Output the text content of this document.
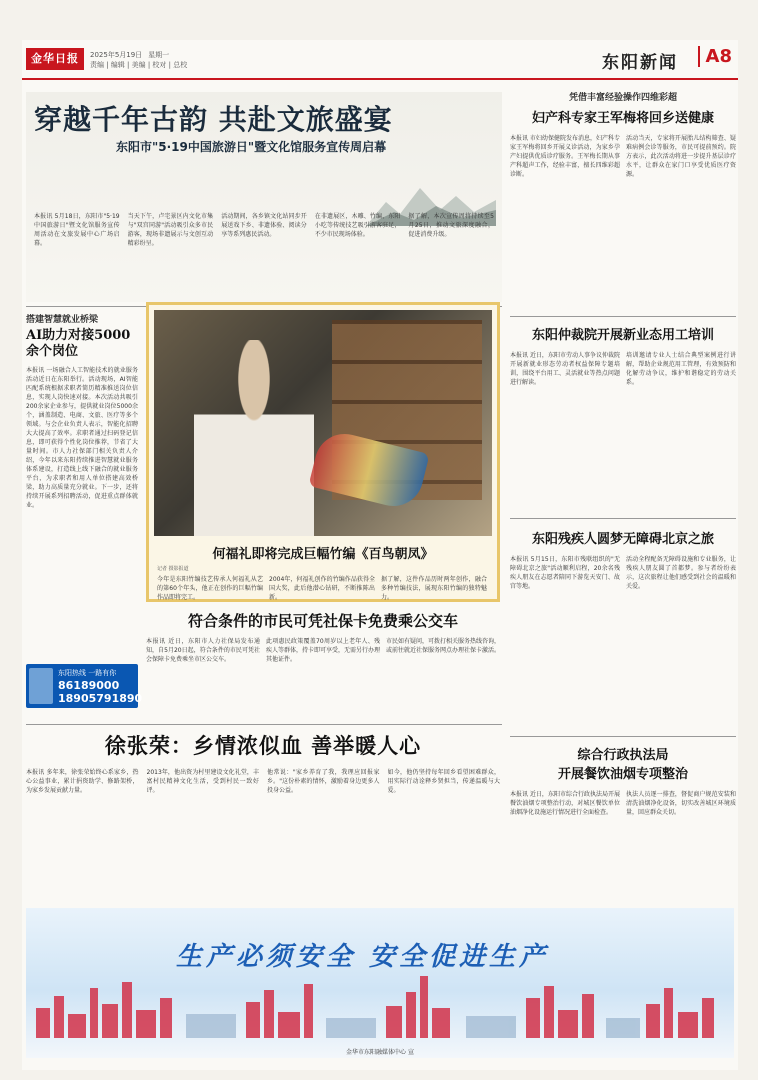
金华日报	2025年5月19日 星期一
责编 | 编辑 | 美编 | 校对 | 总校	东阳新闻	A8
穿越千年古韵 共赴文旅盛宴
东阳市"5·19中国旅游日"暨文化馆服务宣传周启幕
本报讯 5月18日，东阳市"5·19中国旅游日"暨文化馆服务宣传周活动在文旅发展中心广场启幕。
当天下午，卢宅景区内文化市集与"双宫同游"活动吸引众多市民游客，现场非遗展示与文创互动精彩纷呈。
活动期间，各乡镇文化站同步开展送戏下乡、非遗体验、阅读分享等系列惠民活动。
在非遗展区，木雕、竹编、东阳小吃等传统技艺吸引游客驻足，不少市民现场体验。
据了解，本次宣传周将持续至5月25日，推动文旅深度融合，促进消费升级。
凭借丰富经验操作四维彩超
妇产科专家王军梅将回乡送健康
本报讯 市妇幼保健院发布消息，妇产科专家王军梅将回乡开展义诊活动，为家乡孕产妇提供优质诊疗服务。王军梅长期从事产科超声工作，经验丰富，擅长四维彩超诊断。
活动当天，专家将开展胎儿结构筛查、疑难病例会诊等服务，市民可提前预约。院方表示，此次活动将进一步提升基层诊疗水平，让群众在家门口享受优质医疗资源。
东阳仲裁院开展新业态用工培训
本报讯 近日，东阳市劳动人事争议仲裁院开展新就业形态劳动者权益保障专题培训，围绕平台用工、灵活就业等热点问题进行解读。
培训邀请专业人士结合典型案例进行讲解，帮助企业规范用工管理，有效预防和化解劳动争议，维护和谐稳定的劳动关系。
东阳残疾人圆梦无障碍北京之旅
本报讯 5月15日，东阳市残联组织的"无障碍北京之旅"活动顺利启程，20余名残疾人朋友在志愿者陪同下游览天安门、故宫等地。
活动全程配备无障碍设施和专业服务，让残疾人朋友圆了首都梦。参与者纷纷表示，这次旅程让他们感受到社会的温暖和关爱。
综合行政执法局
开展餐饮油烟专项整治
本报讯 近日，东阳市综合行政执法局开展餐饮油烟专项整治行动，对城区餐饮单位油烟净化设施运行情况进行全面检查。
执法人员逐一排查，督促商户规范安装和清洗油烟净化设备，切实改善城区环境质量，回应群众关切。
搭建智慧就业桥梁
AI助力对接5000余个岗位
本报讯 一场融合人工智能技术的就业服务活动近日在东阳举行。活动现场，AI智能匹配系统根据求职者简历精准推送岗位信息，实现人岗快速对接。本次活动共吸引200余家企业参与，提供就业岗位5000余个，涵盖制造、电商、文旅、医疗等多个领域。与会企业负责人表示，智能化招聘大大提高了效率。求职者通过扫码登记信息，即可获得个性化岗位推荐，节省了大量时间。市人力社保部门相关负责人介绍，今年以来东阳持续推进智慧就业服务体系建设，打造线上线下融合的就业服务平台，为求职者和用人单位搭建高效桥梁，助力高质量充分就业。下一步，还将持续开展系列招聘活动，促进重点群体就业。
东阳热线 一路有你
86189000
18905791890
何福礼即将完成巨幅竹编《百鸟朝凤》
记者 摄影报道
今年是东阳竹编技艺传承人何福礼从艺的第60个年头，他正在创作的巨幅竹编作品即将完工。
2004年，何福礼创作的竹编作品获得全国大奖，此后他潜心钻研，不断推陈出新。
据了解，这件作品历时两年创作，融合多种竹编技法，展现东阳竹编的独特魅力。
符合条件的市民可凭社保卡免费乘公交车
本报讯 近日，东阳市人力社保局发布通知，自5月20日起，符合条件的市民可凭社会保障卡免费乘坐市区公交车。
此项惠民政策覆盖70周岁以上老年人、残疾人等群体，持卡即可享受，无需另行办理其他证件。
市民如有疑问，可拨打相关服务热线咨询，或前往就近社保服务网点办理社保卡激活。
徐张荣：乡情浓似血 善举暖人心
本报讯 多年来，徐张荣始终心系家乡，热心公益事业，累计捐资助学、修路架桥，为家乡发展贡献力量。
2013年，他出资为村里建设文化礼堂，丰富村民精神文化生活，受到村民一致好评。
他常说："家乡养育了我，我理应回报家乡。"这份朴素的情怀，激励着身边更多人投身公益。
如今，他仍坚持每年回乡看望困难群众，用实际行动诠释乡贤担当，传递温暖与大爱。
生产必须安全 安全促进生产
金华市东阳融媒体中心 宣
